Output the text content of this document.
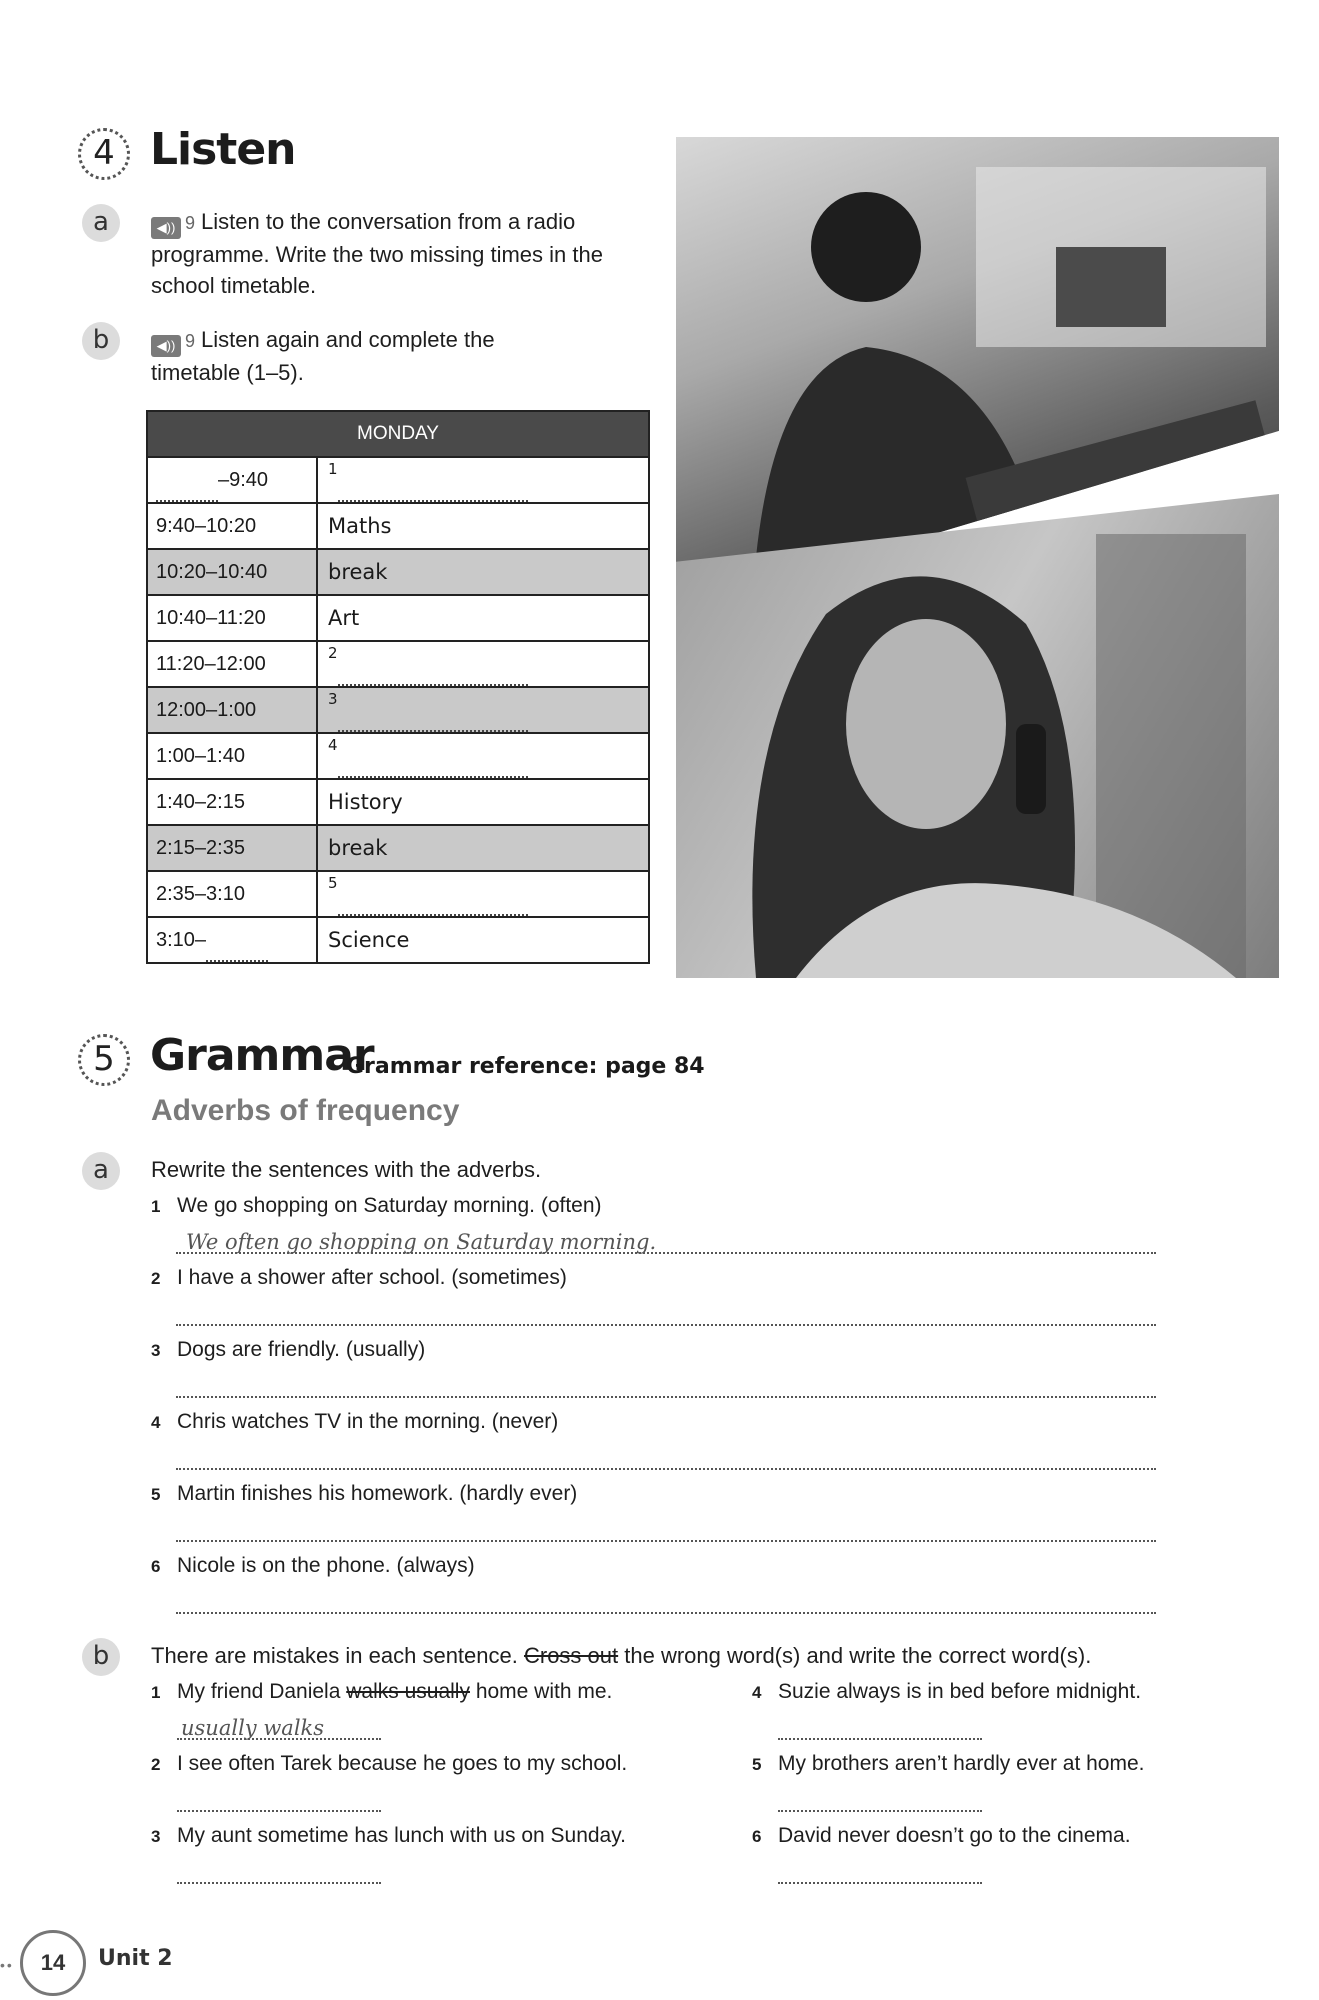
4 Listen
a	◀)) 9 Listen to the conversation from a radio programme. Write the two missing times in the school timetable.
b	◀)) 9 Listen again and complete the timetable (1–5).
MONDAY
–9:40	$^1$
9:40–10:20	Maths
10:20–10:40	break
10:40–11:20	Art
11:20–12:00	$^2$
12:00–1:00	$^3$
1:00–1:40	$^4$
1:40–2:15	History
2:15–2:35	break
2:35–3:10	$^5$
3:10–	Science
5 Grammar
Grammar reference: page 84
Adverbs of frequency
a	Rewrite the sentences with the adverbs.
1 We go shopping on Saturday morning. (often)
We often go shopping on Saturday morning.
2 I have a shower after school. (sometimes)
3 Dogs are friendly. (usually)
4 Chris watches TV in the morning. (never)
5 Martin finishes his homework. (hardly ever)
6 Nicole is on the phone. (always)
b	There are mistakes in each sentence. Cross out the wrong word(s) and write the correct word(s).
1 My friend Daniela walks usually home with me.
usually walks
2 I see often Tarek because he goes to my school.
3 My aunt sometime has lunch with us on Sunday.
4 Suzie always is in bed before midnight.
5 My brothers aren’t hardly ever at home.
6 David never doesn’t go to the cinema.
••	14	Unit 2
